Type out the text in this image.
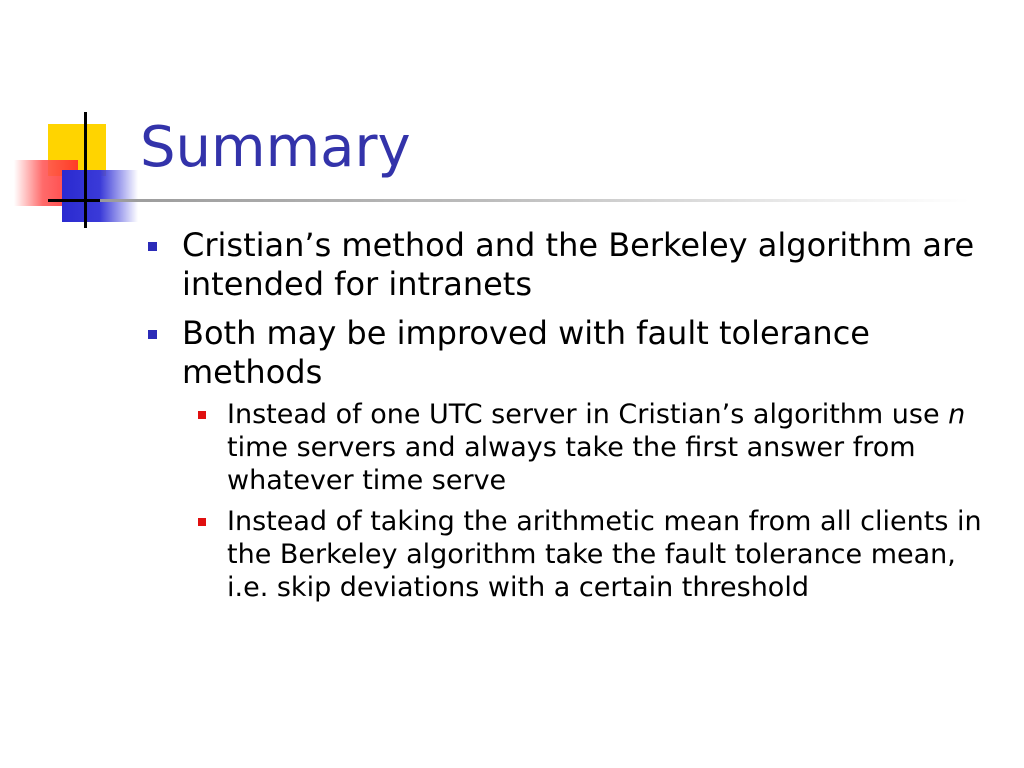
Summary
Cristian’s method and the Berkeley algorithm are intended for intranets
Both may be improved with fault tolerance methods
Instead of one UTC server in Cristian’s algorithm use n time servers and always take the first answer from whatever time serve
Instead of taking the arithmetic mean from all clients in the Berkeley algorithm take the fault tolerance mean, i.e. skip deviations with a certain threshold
